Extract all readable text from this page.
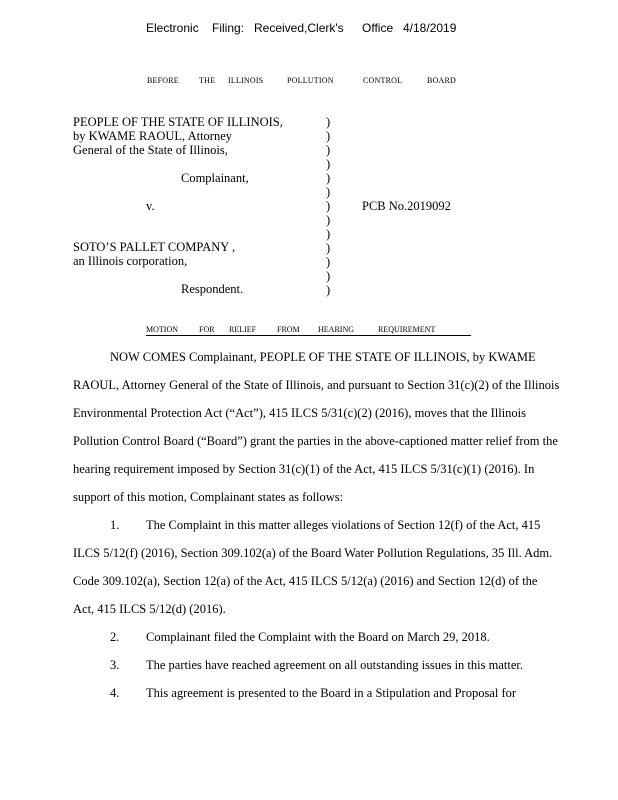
Electronic Filing: Received,Clerk's Office 4/18/2019
BEFORE	THE ILLINOIS	POLLUTION	CONTROL	BOARD
PEOPLE OF THE STATE OF ILLINOIS,
by KWAME RAOUL, Attorney
General of the State of Illinois,
Complainant,
v.	PCB No.2019092
SOTO’S PALLET COMPANY ,
an Illinois corporation,
Respondent.
)
)
)
)
)
)
)
)
)
)
)
)
)
MOTION	FOR RELIEF	FROM HEARING	REQUIREMENT
NOW COMES Complainant, PEOPLE OF THE STATE OF ILLINOIS, by KWAME
RAOUL, Attorney General of the State of Illinois, and pursuant to Section 31(c)(2) of the Illinois
Environmental Protection Act (“Act”), 415 ILCS 5/31(c)(2) (2016), moves that the Illinois
Pollution Control Board (“Board”) grant the parties in the above-captioned matter relief from the
hearing requirement imposed by Section 31(c)(1) of the Act, 415 ILCS 5/31(c)(1) (2016). In
support of this motion, Complainant states as follows:
1. The Complaint in this matter alleges violations of Section 12(f) of the Act, 415
ILCS 5/12(f) (2016), Section 309.102(a) of the Board Water Pollution Regulations, 35 Ill. Adm.
Code 309.102(a), Section 12(a) of the Act, 415 ILCS 5/12(a) (2016) and Section 12(d) of the
Act, 415 ILCS 5/12(d) (2016).
2. Complainant filed the Complaint with the Board on March 29, 2018.
3. The parties have reached agreement on all outstanding issues in this matter.
4. This agreement is presented to the Board in a Stipulation and Proposal for
